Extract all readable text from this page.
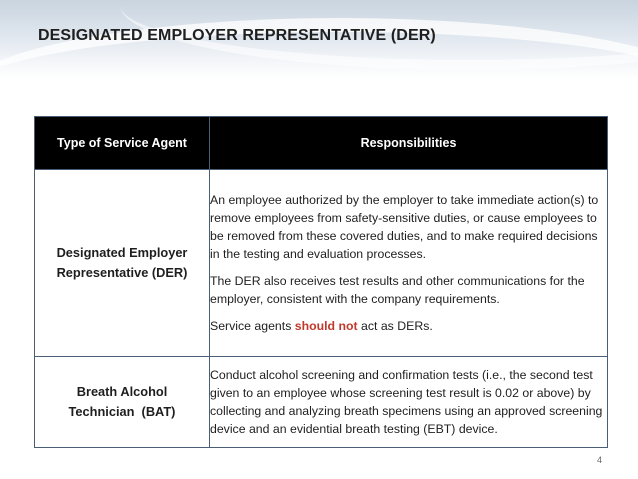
DESIGNATED EMPLOYER REPRESENTATIVE (DER)
Type of Service Agent	Responsibilities

Designated Employer Representative (DER)	An employee authorized by the employer to take immediate action(s) to remove employees from safety-sensitive duties, or cause employees to be removed from these covered duties, and to make required decisions in the testing and evaluation processes.

The DER also receives test results and other communications for the employer, consistent with the company requirements.

Service agents should not act as DERs.

Breath Alcohol Technician  (BAT)	Conduct alcohol screening and confirmation tests (i.e., the second test given to an employee whose screening test result is 0.02 or above) by collecting and analyzing breath specimens using an approved screening device and an evidential breath testing (EBT) device.

4
